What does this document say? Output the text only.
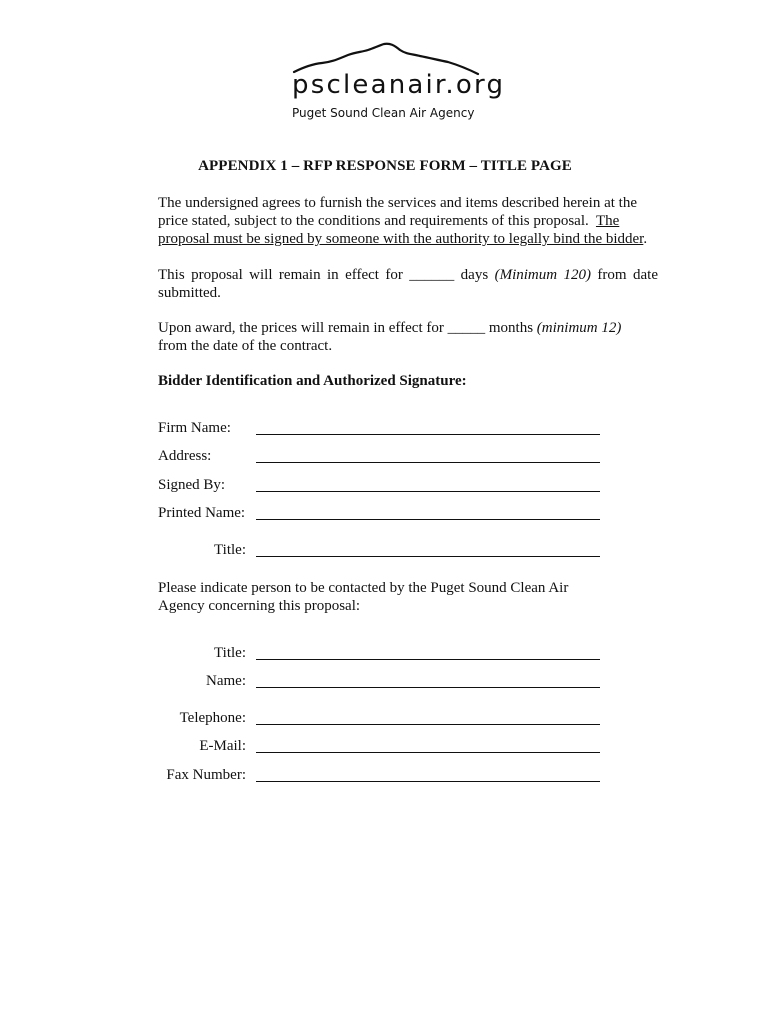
pscleanair.org
Puget Sound Clean Air Agency
APPENDIX 1 – RFP RESPONSE FORM – TITLE PAGE

The undersigned agrees to furnish the services and items described herein at the price stated, subject to the conditions and requirements of this proposal. The proposal must be signed by someone with the authority to legally bind the bidder.

This proposal will remain in effect for ______ days (Minimum 120) from date submitted.

Upon award, the prices will remain in effect for _____ months (minimum 12) from the date of the contract.

Bidder Identification and Authorized Signature:
Firm Name:
Address:
Signed By:
Printed Name:
Title:

Please indicate person to be contacted by the Puget Sound Clean Air Agency concerning this proposal:

Title:
Name:
Telephone:
E-Mail:
Fax Number:
